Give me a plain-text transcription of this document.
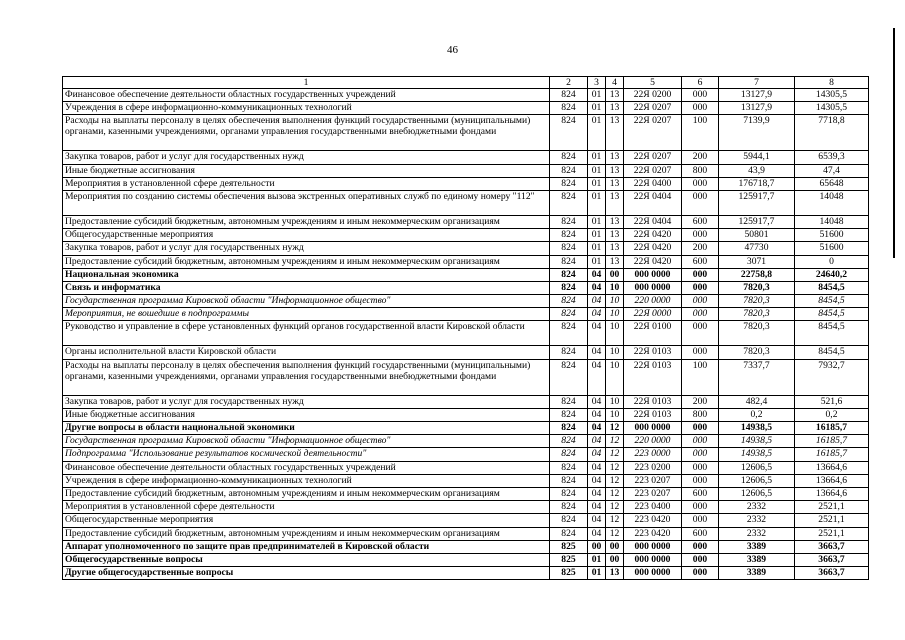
46
1	2	3	4	5	6	7	8
Финансовое обеспечение деятельности областных государственных учреждений	824	01	13	22Я 0200	000	13127,9	14305,5
Учреждения в сфере информационно-коммуникационных технологий	824	01	13	22Я 0207	000	13127,9	14305,5
Расходы на выплаты персоналу в целях обеспечения выполнения функций государственными (муниципальными) органами, казенными учреждениями, органами управления государственными внебюджетными фондами	824	01	13	22Я 0207	100	7139,9	7718,8
Закупка товаров, работ и услуг для государственных нужд	824	01	13	22Я 0207	200	5944,1	6539,3
Иные бюджетные ассигнования	824	01	13	22Я 0207	800	43,9	47,4
Мероприятия в установленной сфере деятельности	824	01	13	22Я 0400	000	176718,7	65648
Мероприятия по созданию системы обеспечения вызова экстренных оперативных служб по единому номеру "112"	824	01	13	22Я 0404	000	125917,7	14048
Предоставление субсидий бюджетным, автономным учреждениям и иным некоммерческим организациям	824	01	13	22Я 0404	600	125917,7	14048
Общегосударственные мероприятия	824	01	13	22Я 0420	000	50801	51600
Закупка товаров, работ и услуг для государственных нужд	824	01	13	22Я 0420	200	47730	51600
Предоставление субсидий бюджетным, автономным учреждениям и иным некоммерческим организациям	824	01	13	22Я 0420	600	3071	0
Национальная экономика	824	04	00	000 0000	000	22758,8	24640,2
Связь и информатика	824	04	10	000 0000	000	7820,3	8454,5
Государственная программа Кировской области "Информационное общество"	824	04	10	220 0000	000	7820,3	8454,5
Мероприятия, не вошедшие в подпрограммы	824	04	10	22Я 0000	000	7820,3	8454,5
Руководство и управление в сфере установленных функций органов государственной власти Кировской области	824	04	10	22Я 0100	000	7820,3	8454,5
Органы исполнительной власти Кировской области	824	04	10	22Я 0103	000	7820,3	8454,5
Расходы на выплаты персоналу в целях обеспечения выполнения функций государственными (муниципальными) органами, казенными учреждениями, органами управления государственными внебюджетными фондами	824	04	10	22Я 0103	100	7337,7	7932,7
Закупка товаров, работ и услуг для государственных нужд	824	04	10	22Я 0103	200	482,4	521,6
Иные бюджетные ассигнования	824	04	10	22Я 0103	800	0,2	0,2
Другие вопросы в области национальной экономики	824	04	12	000 0000	000	14938,5	16185,7
Государственная программа Кировской области "Информационное общество"	824	04	12	220 0000	000	14938,5	16185,7
Подпрограмма "Использование результатов космической деятельности"	824	04	12	223 0000	000	14938,5	16185,7
Финансовое обеспечение деятельности областных государственных учреждений	824	04	12	223 0200	000	12606,5	13664,6
Учреждения в сфере информационно-коммуникационных технологий	824	04	12	223 0207	000	12606,5	13664,6
Предоставление субсидий бюджетным, автономным учреждениям и иным некоммерческим организациям	824	04	12	223 0207	600	12606,5	13664,6
Мероприятия в установленной сфере деятельности	824	04	12	223 0400	000	2332	2521,1
Общегосударственные мероприятия	824	04	12	223 0420	000	2332	2521,1
Предоставление субсидий бюджетным, автономным учреждениям и иным некоммерческим организациям	824	04	12	223 0420	600	2332	2521,1
Аппарат уполномоченного по защите прав предпринимателей в Кировской области	825	00	00	000 0000	000	3389	3663,7
Общегосударственные вопросы	825	01	00	000 0000	000	3389	3663,7
Другие общегосударственные вопросы	825	01	13	000 0000	000	3389	3663,7
